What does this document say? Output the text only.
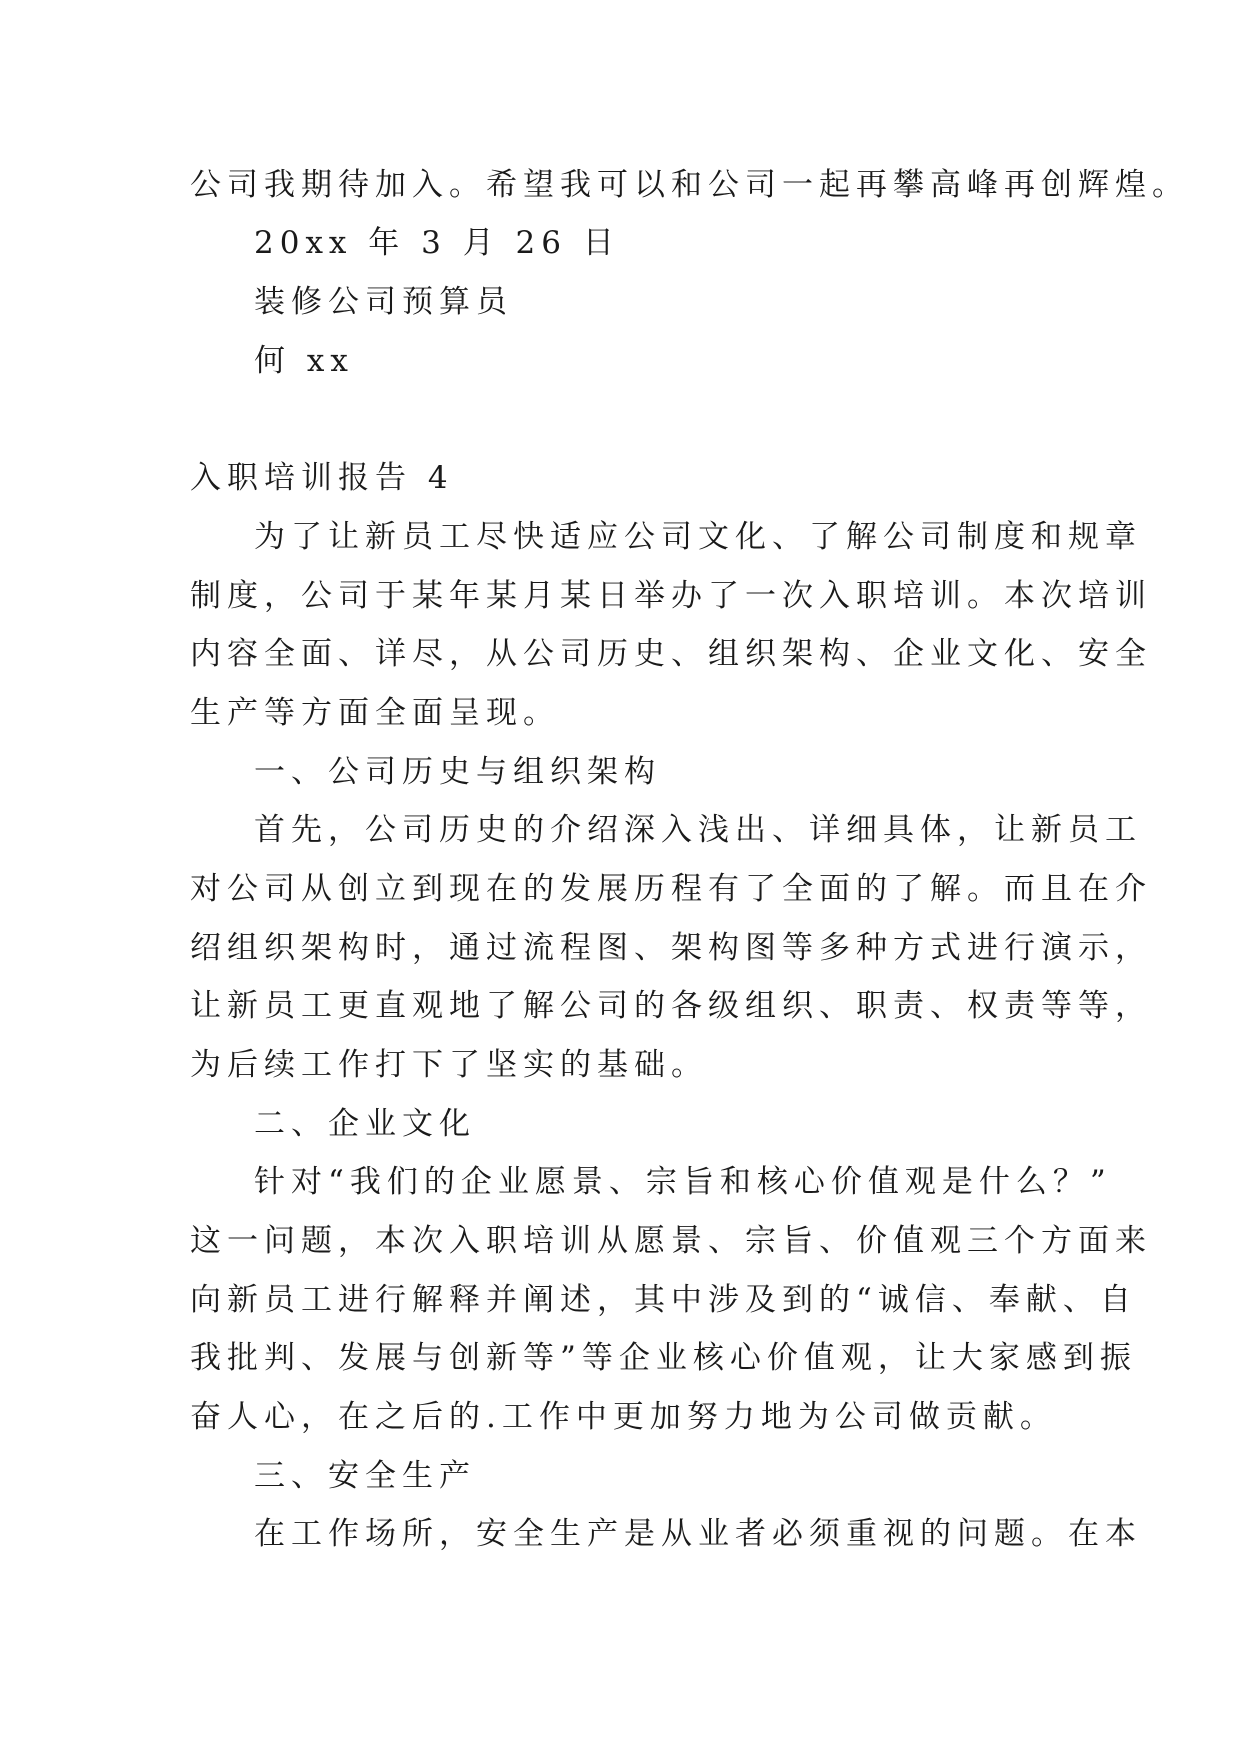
公司我期待加入。希望我可以和公司一起再攀高峰再创辉煌。
20xx 年 3 月 26 日
装修公司预算员
何 xx
入职培训报告 4
为了让新员工尽快适应公司文化、了解公司制度和规章
制度，公司于某年某月某日举办了一次入职培训。本次培训
内容全面、详尽，从公司历史、组织架构、企业文化、安全
生产等方面全面呈现。
一、公司历史与组织架构
首先，公司历史的介绍深入浅出、详细具体，让新员工
对公司从创立到现在的发展历程有了全面的了解。而且在介
绍组织架构时，通过流程图、架构图等多种方式进行演示，
让新员工更直观地了解公司的各级组织、职责、权责等等，
为后续工作打下了坚实的基础。
二、企业文化
针对“我们的企业愿景、宗旨和核心价值观是什么？”
这一问题，本次入职培训从愿景、宗旨、价值观三个方面来
向新员工进行解释并阐述，其中涉及到的“诚信、奉献、自
我批判、发展与创新等”等企业核心价值观，让大家感到振
奋人心，在之后的.工作中更加努力地为公司做贡献。
三、安全生产
在工作场所，安全生产是从业者必须重视的问题。在本
